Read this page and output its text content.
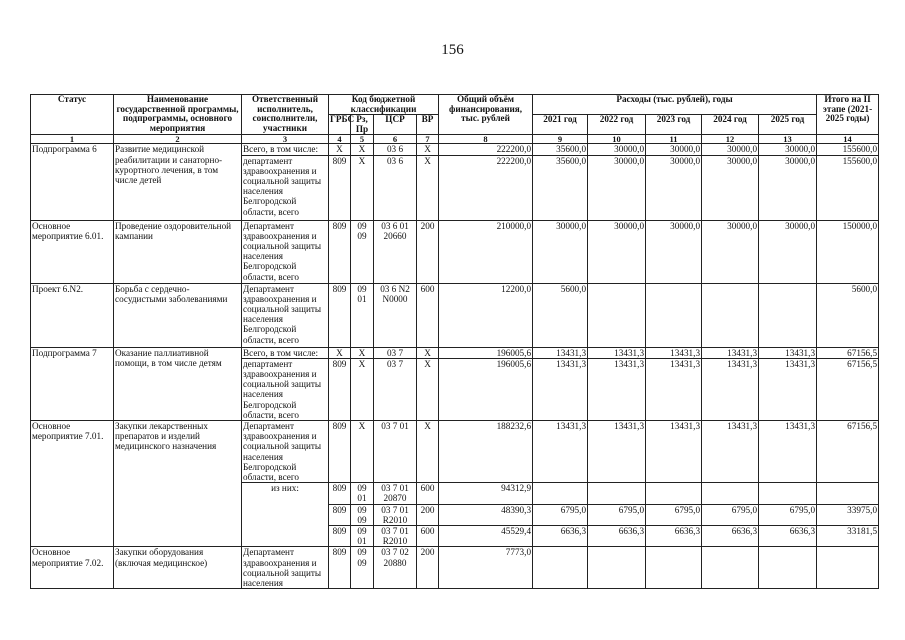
156
Статус	Наименование государственной программы, подпрограммы, основного мероприятия	Ответственный исполнитель, соисполнители, участники	Код бюджетной классификации				Общий объём финансирования, тыс. рублей	Расходы (тыс. рублей), годы					Итого на II этапе (2021-2025 годы)
			ГРБС	Рз, Пр	ЦСР	ВР		2021 год	2022 год	2023 год	2024 год	2025 год	
1	2	3	4	5	6	7	8	9	10	11	12	13	14
Подпрограмма 6	Развитие медицинской реабилитации и санаторно-курортного лечения, в том числе детей	Всего, в том числе:	X	X	03 6	X	222200,0	35600,0	30000,0	30000,0	30000,0	30000,0	155600,0
		департамент здравоохранения и социальной защиты населения Белгородской области, всего	809	X	03 6	X	222200,0	35600,0	30000,0	30000,0	30000,0	30000,0	155600,0
Основное мероприятие 6.01.	Проведение оздоровительной кампании	Департамент здравоохранения и социальной защиты населения Белгородской области, всего	809	09 09	03 6 01 20660	200	210000,0	30000,0	30000,0	30000,0	30000,0	30000,0	150000,0
Проект 6.N2.	Борьба с сердечно-сосудистыми заболеваниями	Департамент здравоохранения и социальной защиты населения Белгородской области, всего	809	09 01	03 6 N2 N0000	600	12200,0	5600,0					5600,0
Подпрограмма 7	Оказание паллиативной помощи, в том числе детям	Всего, в том числе:	X	X	03 7	X	196005,6	13431,3	13431,3	13431,3	13431,3	13431,3	67156,5
		департамент здравоохранения и социальной защиты населения Белгородской области, всего	809	X	03 7	X	196005,6	13431,3	13431,3	13431,3	13431,3	13431,3	67156,5
Основное мероприятие 7.01.	Закупки лекарственных препаратов и изделий медицинского назначения	Департамент здравоохранения и социальной защиты населения Белгородской области, всего	809	X	03 7 01	X	188232,6	13431,3	13431,3	13431,3	13431,3	13431,3	67156,5
		из них:	809	09 01	03 7 01 20870	600	94312,9						
			809	09 09	03 7 01 R2010	200	48390,3	6795,0	6795,0	6795,0	6795,0	6795,0	33975,0
			809	09 01	03 7 01 R2010	600	45529,4	6636,3	6636,3	6636,3	6636,3	6636,3	33181,5
Основное мероприятие 7.02.	Закупки оборудования (включая медицинское)	Департамент здравоохранения и социальной защиты населения	809	09 09	03 7 02 20880	200	7773,0						
